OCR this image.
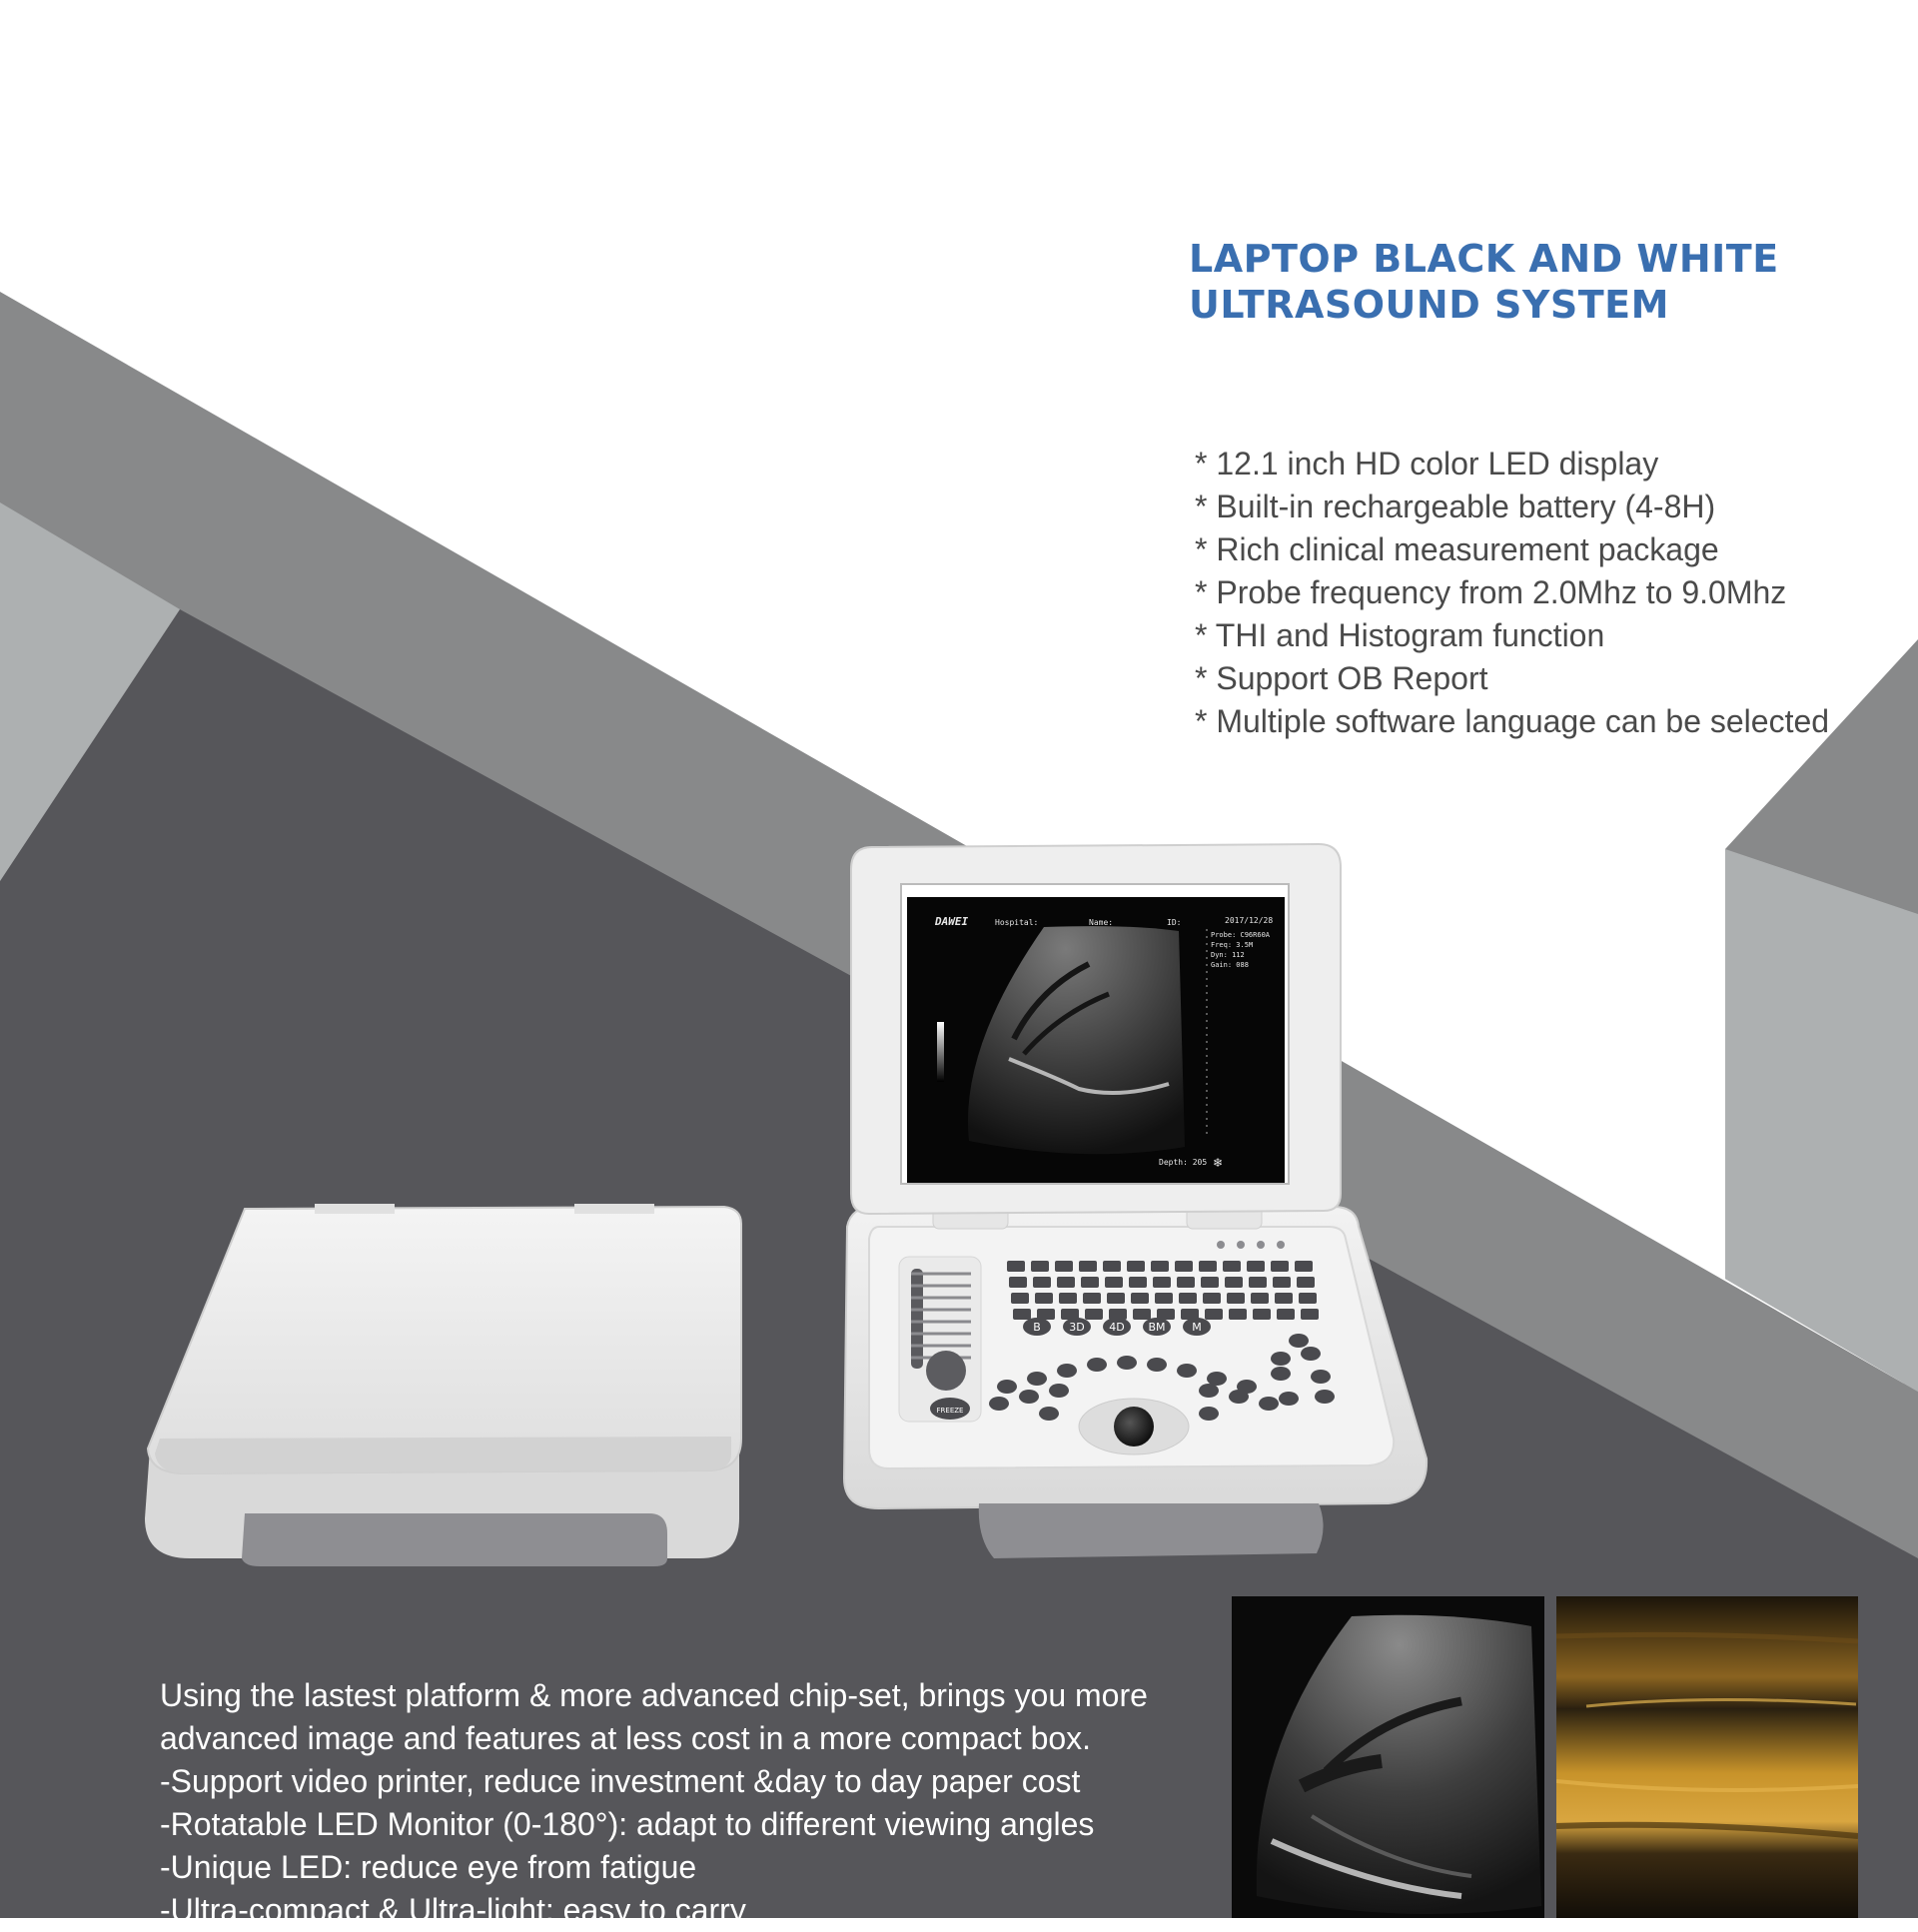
LAPTOP BLACK AND WHITE
ULTRASOUND SYSTEM
* 12.1 inch HD color LED display
* Built-in rechargeable battery (4-8H)
* Rich clinical measurement package
* Probe frequency from 2.0Mhz to 9.0Mhz
* THI and Histogram function
* Support OB Report
* Multiple software language can be selected
B	3D 4D BM M
FREEZE
DAWEI	Hospital:	Name:	ID:	2017/12/28
Probe: C96R60A
Freq: 3.5M
Dyn: 112
Gain: 088
Depth: 205 ❄

Using the lastest platform & more advanced chip-set, brings you more

advanced image and features at less cost in a more compact box.

-Support video printer, reduce investment &day to day paper cost

-Rotatable LED Monitor (0-180°): adapt to different viewing angles

-Unique LED: reduce eye from fatigue

-Ultra-compact & Ultra-light: easy to carry
